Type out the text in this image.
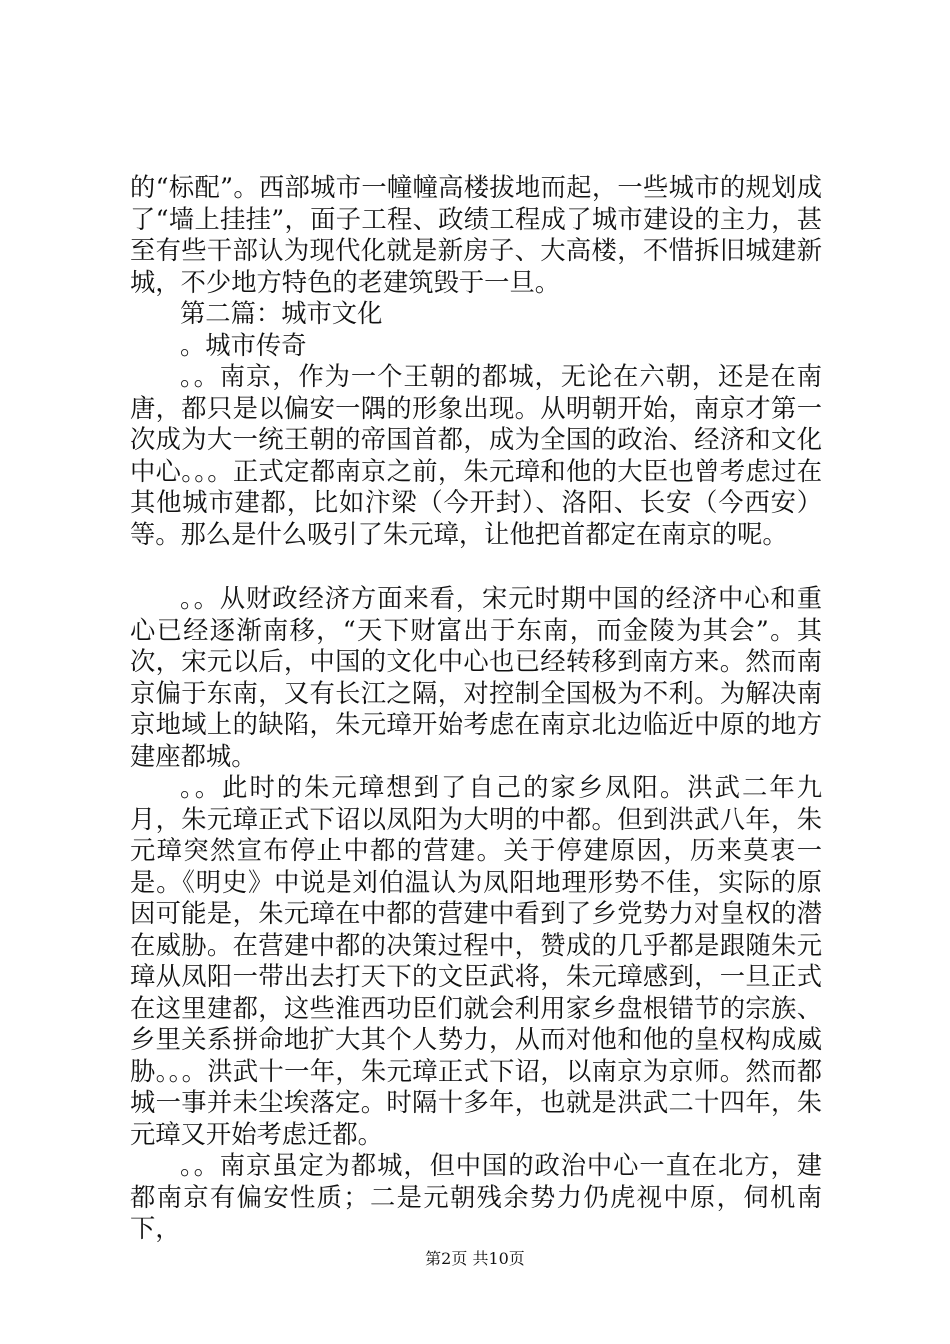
的“标配”。西部城市一幢幢高楼拔地而起，一些城市的规划成了“墙上挂挂”，面子工程、政绩工程成了城市建设的主力，甚至有些干部认为现代化就是新房子、大高楼，不惜拆旧城建新城，不少地方特色的老建筑毁于一旦。

第二篇：城市文化

。城市传奇

。。南京，作为一个王朝的都城，无论在六朝，还是在南唐，都只是以偏安一隅的形象出现。从明朝开始，南京才第一次成为大一统王朝的帝国首都，成为全国的政治、经济和文化中心。。。正式定都南京之前，朱元璋和他的大臣也曾考虑过在其他城市建都，比如汴梁（今开封）、洛阳、长安（今西安）等。那么是什么吸引了朱元璋，让他把首都定在南京的呢。

。。从财政经济方面来看，宋元时期中国的经济中心和重心已经逐渐南移，“天下财富出于东南，而金陵为其会”。其次，宋元以后，中国的文化中心也已经转移到南方来。然而南京偏于东南，又有长江之隔，对控制全国极为不利。为解决南京地域上的缺陷，朱元璋开始考虑在南京北边临近中原的地方建座都城。

。。此时的朱元璋想到了自己的家乡凤阳。洪武二年九月，朱元璋正式下诏以凤阳为大明的中都。但到洪武八年，朱元璋突然宣布停止中都的营建。关于停建原因，历来莫衷一是。《明史》中说是刘伯温认为凤阳地理形势不佳，实际的原因可能是，朱元璋在中都的营建中看到了乡党势力对皇权的潜在威胁。在营建中都的决策过程中，赞成的几乎都是跟随朱元璋从凤阳一带出去打天下的文臣武将，朱元璋感到，一旦正式在这里建都，这些淮西功臣们就会利用家乡盘根错节的宗族、乡里关系拼命地扩大其个人势力，从而对他和他的皇权构成威胁。。。洪武十一年，朱元璋正式下诏，以南京为京师。然而都城一事并未尘埃落定。时隔十多年，也就是洪武二十四年，朱元璋又开始考虑迁都。

。。南京虽定为都城，但中国的政治中心一直在北方，建都南京有偏安性质；二是元朝残余势力仍虎视中原，伺机南下，

第2页 共10页
